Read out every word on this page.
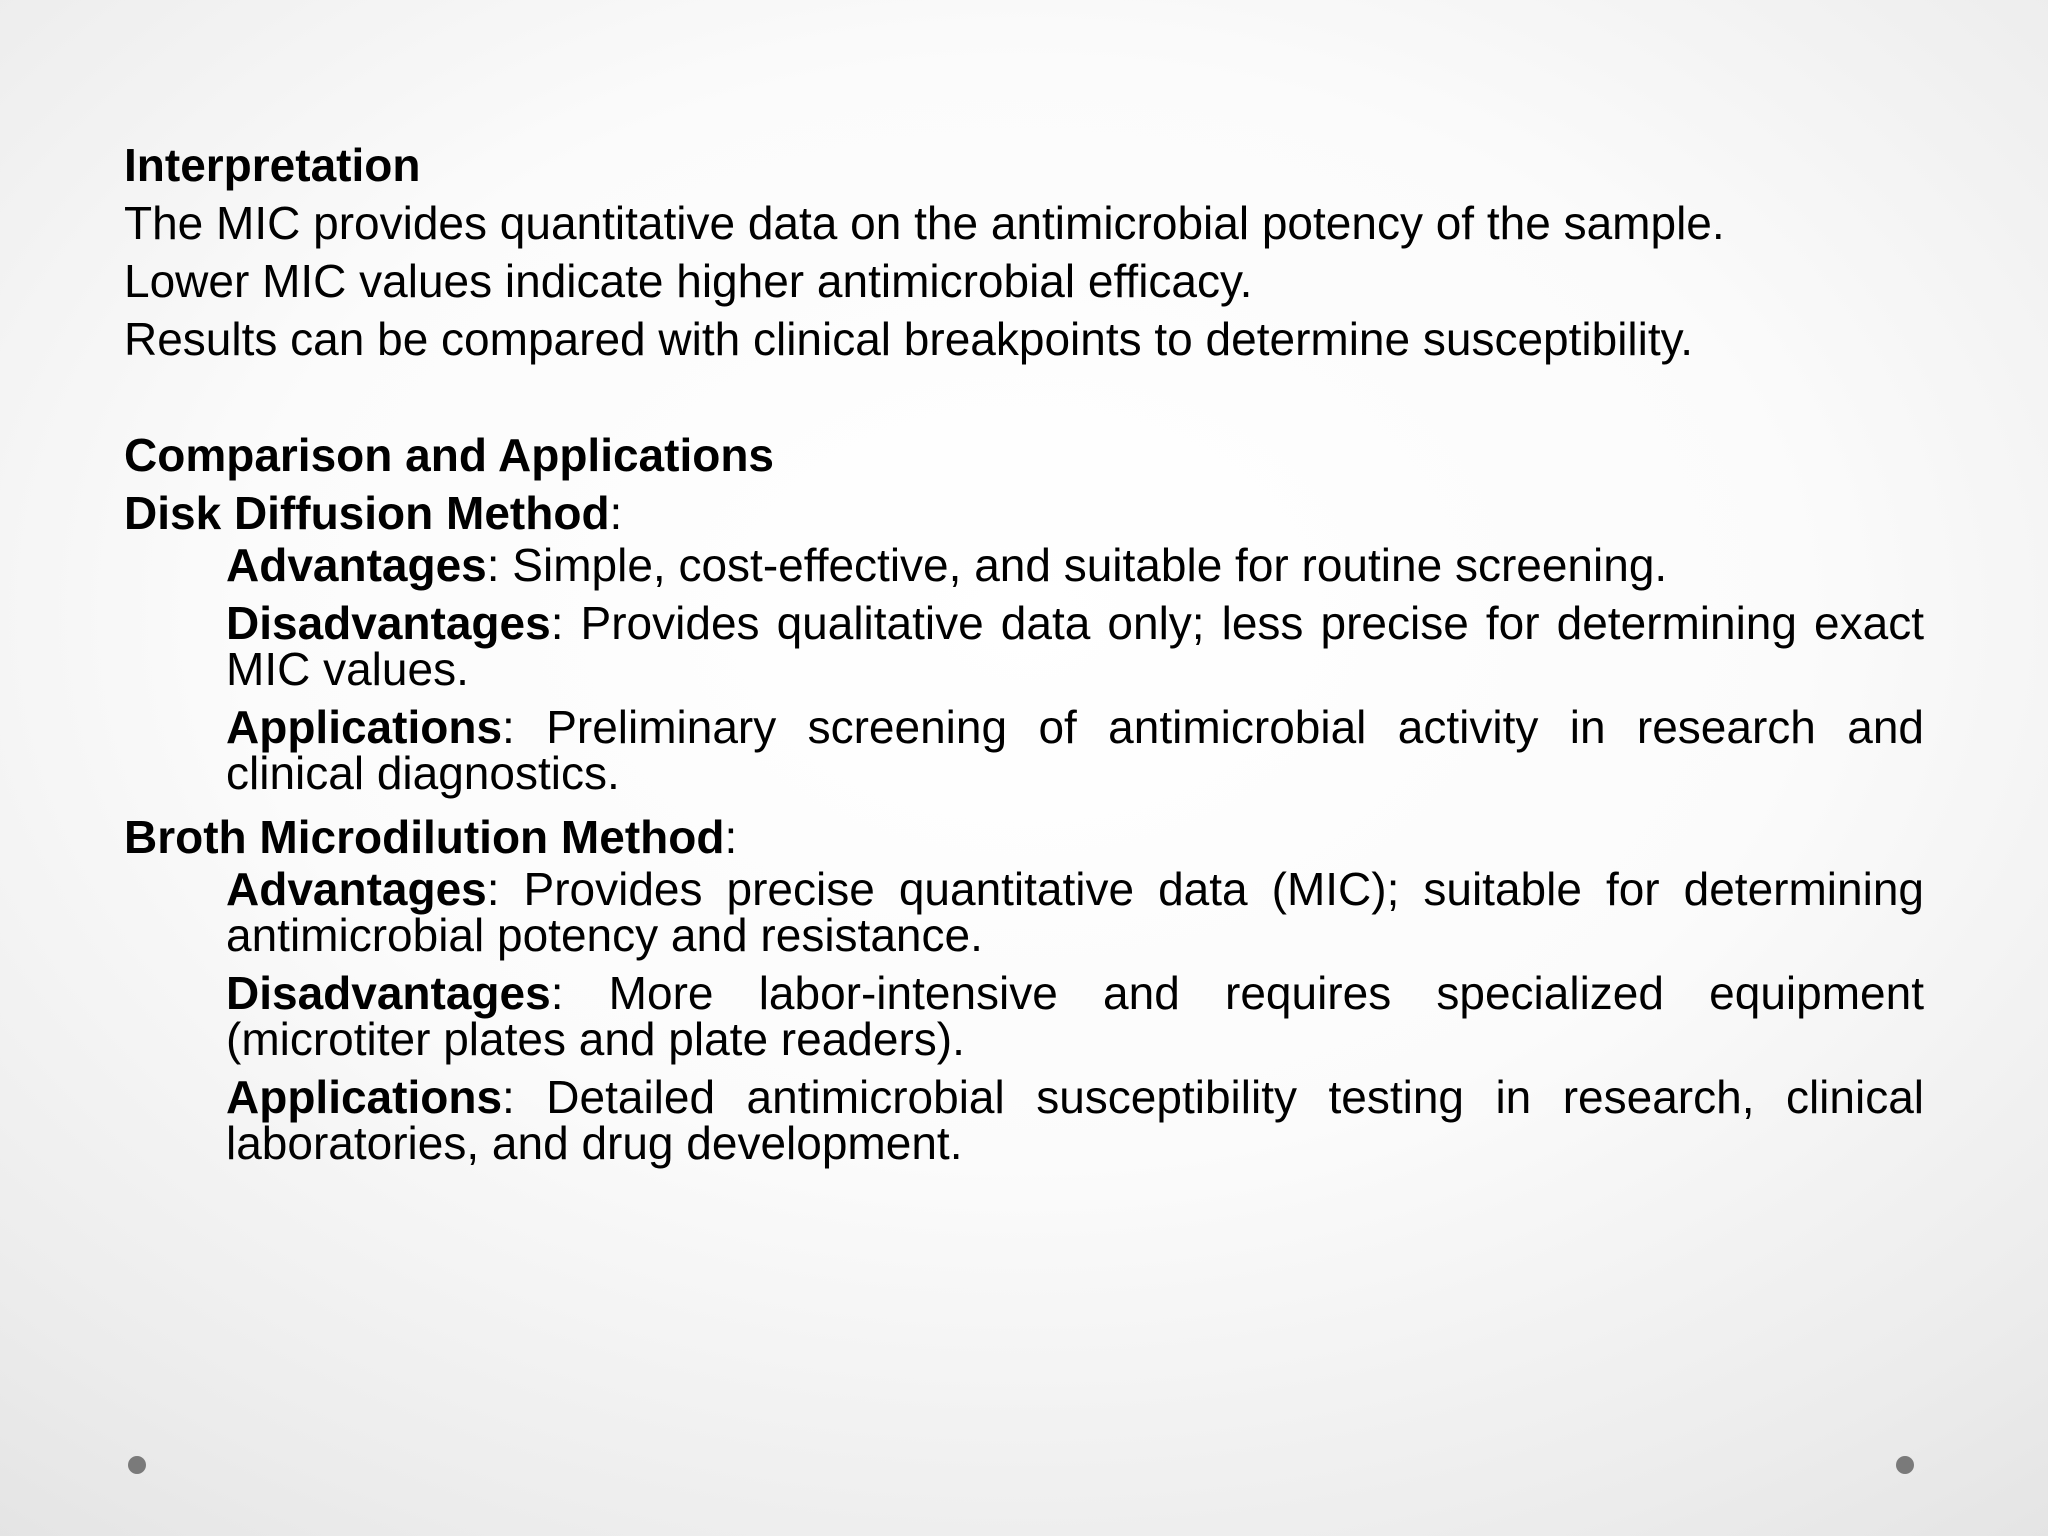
Interpretation
The MIC provides quantitative data on the antimicrobial potency of the sample.
Lower MIC values indicate higher antimicrobial efficacy.
Results can be compared with clinical breakpoints to determine susceptibility.
Comparison and Applications
Disk Diffusion Method:
Advantages: Simple, cost-effective, and suitable for routine screening.
Disadvantages: Provides qualitative data only; less precise for determining exact MIC values.
Applications: Preliminary screening of antimicrobial activity in research and clinical diagnostics.
Broth Microdilution Method:
Advantages: Provides precise quantitative data (MIC); suitable for determining antimicrobial potency and resistance.
Disadvantages: More labor-intensive and requires specialized equipment (microtiter plates and plate readers).
Applications: Detailed antimicrobial susceptibility testing in research, clinical laboratories, and drug development.
